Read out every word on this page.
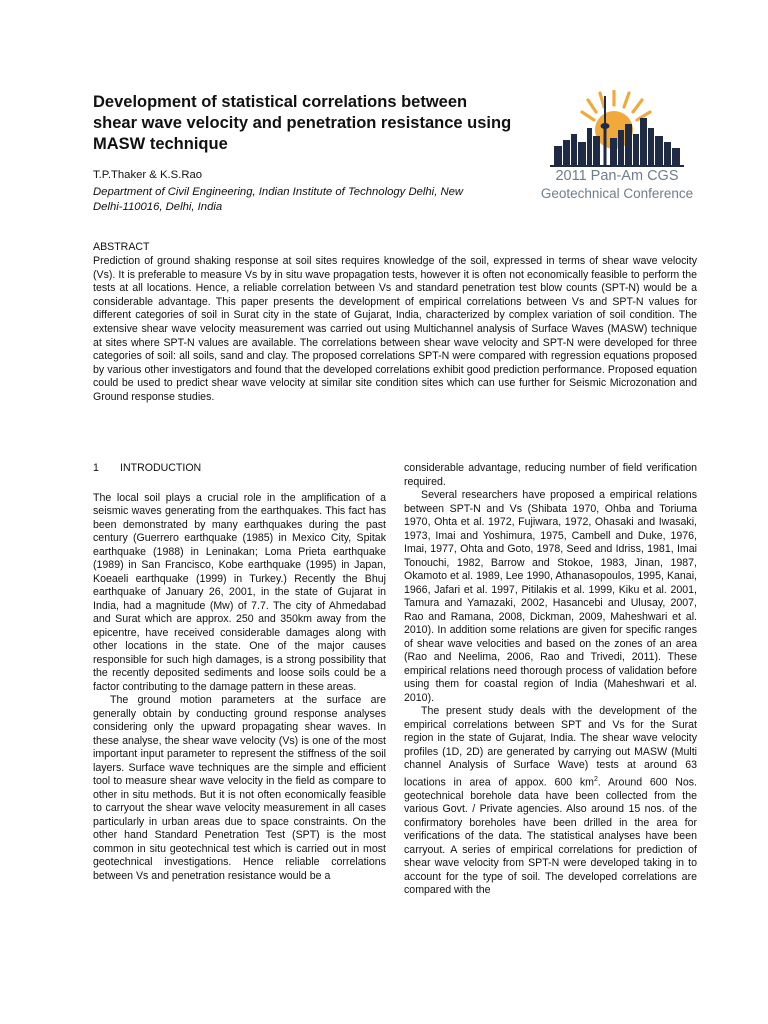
Development of statistical correlations between shear wave velocity and penetration resistance using MASW technique

T.P.Thaker & K.S.Rao

Department of Civil Engineering, Indian Institute of Technology Delhi, New
Delhi-110016, Delhi, India

2011 Pan-Am CGS
Geotechnical Conference
ABSTRACT

Prediction of ground shaking response at soil sites requires knowledge of the soil, expressed in terms of shear wave velocity (Vs). It is preferable to measure Vs by in situ wave propagation tests, however it is often not economically feasible to perform the tests at all locations. Hence, a reliable correlation between Vs and standard penetration test blow counts (SPT-N) would be a considerable advantage. This paper presents the development of empirical correlations between Vs and SPT-N values for different categories of soil in Surat city in the state of Gujarat, India, characterized by complex variation of soil condition. The extensive shear wave velocity measurement was carried out using Multichannel analysis of Surface Waves (MASW) technique at sites where SPT-N values are available. The correlations between shear wave velocity and SPT-N were developed for three categories of soil: all soils, sand and clay. The proposed correlations SPT-N were compared with regression equations proposed by various other investigators and found that the developed correlations exhibit good prediction performance. Proposed equation could be used to predict shear wave velocity at similar site condition sites which can use further for Seismic Microzonation and Ground response studies.

1 INTRODUCTION

The local soil plays a crucial role in the amplification of a seismic waves generating from the earthquakes. This fact has been demonstrated by many earthquakes during the past century (Guerrero earthquake (1985) in Mexico City, Spitak earthquake (1988) in Leninakan; Loma Prieta earthquake (1989) in San Francisco, Kobe earthquake (1995) in Japan, Koeaeli earthquake (1999) in Turkey.) Recently the Bhuj earthquake of January 26, 2001, in the state of Gujarat in India, had a magnitude (Mw) of 7.7. The city of Ahmedabad and Surat which are approx. 250 and 350km away from the epicentre, have received considerable damages along with other locations in the state. One of the major causes responsible for such high damages, is a strong possibility that the recently deposited sediments and loose soils could be a factor contributing to the damage pattern in these areas.

The ground motion parameters at the surface are generally obtain by conducting ground response analyses considering only the upward propagating shear waves. In these analyse, the shear wave velocity (Vs) is one of the most important input parameter to represent the stiffness of the soil layers. Surface wave techniques are the simple and efficient tool to measure shear wave velocity in the field as compare to other in situ methods. But it is not often economically feasible to carryout the shear wave velocity measurement in all cases particularly in urban areas due to space constraints. On the other hand Standard Penetration Test (SPT) is the most common in situ geotechnical test which is carried out in most geotechnical investigations. Hence reliable correlations between Vs and penetration resistance would be a

considerable advantage, reducing number of field verification required.

Several researchers have proposed a empirical relations between SPT-N and Vs (Shibata 1970, Ohba and Toriuma 1970, Ohta et al. 1972, Fujiwara, 1972, Ohasaki and Iwasaki, 1973, Imai and Yoshimura, 1975, Cambell and Duke, 1976, Imai, 1977, Ohta and Goto, 1978, Seed and Idriss, 1981, Imai Tonouchi, 1982, Barrow and Stokoe, 1983, Jinan, 1987, Okamoto et al. 1989, Lee 1990, Athanasopoulos, 1995, Kanai, 1966, Jafari et al. 1997, Pitilakis et al. 1999, Kiku et al. 2001, Tamura and Yamazaki, 2002, Hasancebi and Ulusay, 2007, Rao and Ramana, 2008, Dickman, 2009, Maheshwari et al. 2010). In addition some relations are given for specific ranges of shear wave velocities and based on the zones of an area (Rao and Neelima, 2006, Rao and Trivedi, 2011). These empirical relations need thorough process of validation before using them for coastal region of India (Maheshwari et al. 2010).

The present study deals with the development of the empirical correlations between SPT and Vs for the Surat region in the state of Gujarat, India. The shear wave velocity profiles (1D, 2D) are generated by carrying out MASW (Multi channel Analysis of Surface Wave) tests at around 63 locations in area of appox. 600 $km^2$. Around 600 Nos. geotechnical borehole data have been collected from the various Govt. / Private agencies. Also around 15 nos. of the confirmatory boreholes have been drilled in the area for verifications of the data. The statistical analyses have been carryout. A series of empirical correlations for prediction of shear wave velocity from SPT-N were developed taking in to account for the type of soil. The developed correlations are compared with the
